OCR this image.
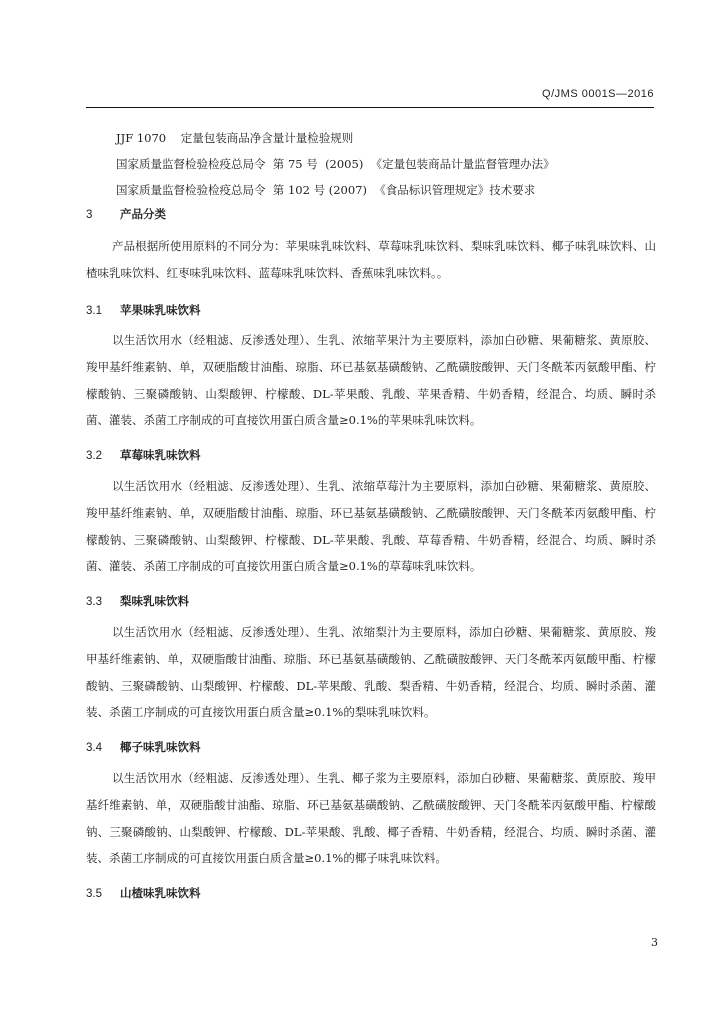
Q/JMS 0001S—2016
JJF 1070    定量包装商品净含量计量检验规则
国家质量监督检验检疫总局令  第 75 号  (2005)  《定量包装商品计量监督管理办法》
国家质量监督检验检疫总局令  第 102 号 (2007)  《食品标识管理规定》技术要求
3 产品分类
产品根据所使用原料的不同分为：苹果味乳味饮料、草莓味乳味饮料、梨味乳味饮料、椰子味乳味饮料、山楂味乳味饮料、红枣味乳味饮料、蓝莓味乳味饮料、香蕉味乳味饮料。。
3.1 苹果味乳味饮料
以生活饮用水（经粗滤、反渗透处理）、生乳、浓缩苹果汁为主要原料，添加白砂糖、果葡糖浆、黄原胶、羧甲基纤维素钠、单，双硬脂酸甘油酯、琼脂、环已基氨基磺酸钠、乙酰磺胺酸钾、天门冬酰苯丙氨酸甲酯、柠檬酸钠、三聚磷酸钠、山梨酸钾、柠檬酸、DL-苹果酸、乳酸、苹果香精、牛奶香精，经混合、均质、瞬时杀菌、灌装、杀菌工序制成的可直接饮用蛋白质含量≥0.1%的苹果味乳味饮料。
3.2 草莓味乳味饮料
以生活饮用水（经粗滤、反渗透处理）、生乳、浓缩草莓汁为主要原料，添加白砂糖、果葡糖浆、黄原胶、羧甲基纤维素钠、单，双硬脂酸甘油酯、琼脂、环已基氨基磺酸钠、乙酰磺胺酸钾、天门冬酰苯丙氨酸甲酯、柠檬酸钠、三聚磷酸钠、山梨酸钾、柠檬酸、DL-苹果酸、乳酸、草莓香精、牛奶香精，经混合、均质、瞬时杀菌、灌装、杀菌工序制成的可直接饮用蛋白质含量≥0.1%的草莓味乳味饮料。
3.3 梨味乳味饮料
以生活饮用水（经粗滤、反渗透处理）、生乳、浓缩梨汁为主要原料，添加白砂糖、果葡糖浆、黄原胶、羧甲基纤维素钠、单，双硬脂酸甘油酯、琼脂、环已基氨基磺酸钠、乙酰磺胺酸钾、天门冬酰苯丙氨酸甲酯、柠檬酸钠、三聚磷酸钠、山梨酸钾、柠檬酸、DL-苹果酸、乳酸、梨香精、牛奶香精，经混合、均质、瞬时杀菌、灌装、杀菌工序制成的可直接饮用蛋白质含量≥0.1%的梨味乳味饮料。
3.4 椰子味乳味饮料
以生活饮用水（经粗滤、反渗透处理）、生乳、椰子浆为主要原料，添加白砂糖、果葡糖浆、黄原胶、羧甲基纤维素钠、单，双硬脂酸甘油酯、琼脂、环已基氨基磺酸钠、乙酰磺胺酸钾、天门冬酰苯丙氨酸甲酯、柠檬酸钠、三聚磷酸钠、山梨酸钾、柠檬酸、DL-苹果酸、乳酸、椰子香精、牛奶香精，经混合、均质、瞬时杀菌、灌装、杀菌工序制成的可直接饮用蛋白质含量≥0.1%的椰子味乳味饮料。
3.5 山楂味乳味饮料
3
